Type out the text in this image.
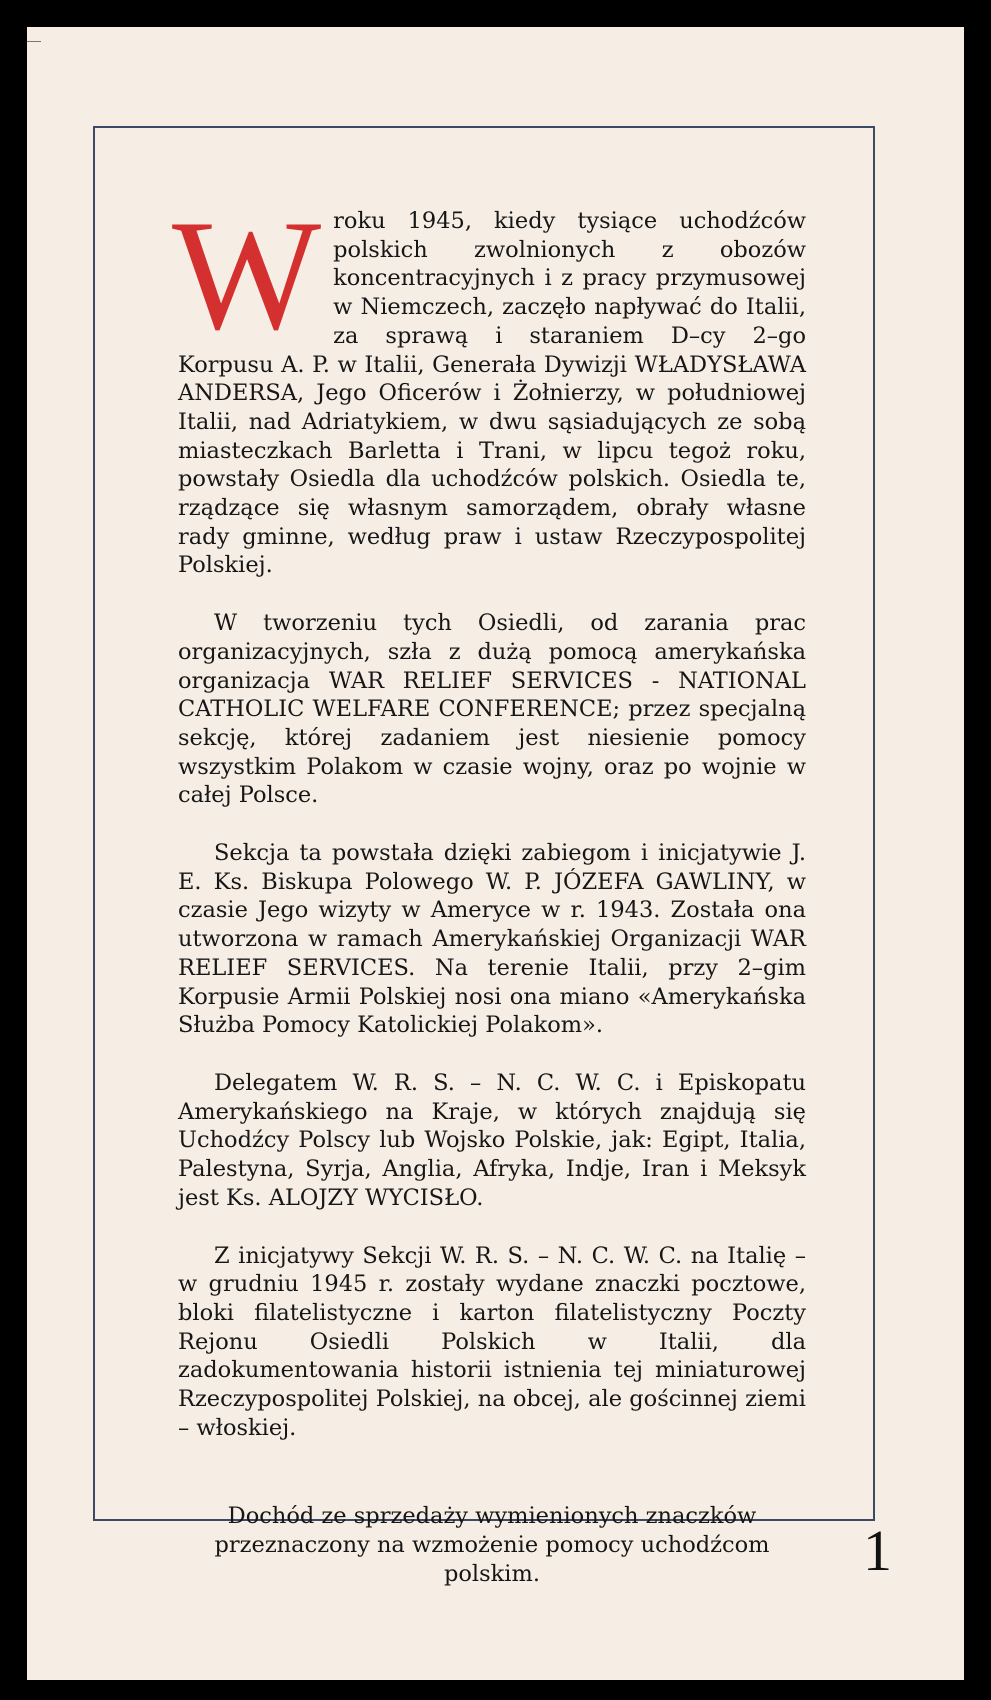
Wroku 1945, kiedy tysiące uchodźców polskich zwolnionych z obozów koncentracyjnych i z pracy przymusowej w Niemczech, zaczęło napływać do Italii, za sprawą i staraniem D–cy 2–go Korpusu A. P. w Italii, Generała Dywizji WŁADYSŁAWA ANDERSA, Jego Oficerów i Żołnierzy, w południowej Italii, nad Adriatykiem, w dwu sąsiadujących ze sobą miasteczkach Barletta i Trani, w lipcu tegoż roku, powstały Osiedla dla uchodźców polskich. Osiedla te, rządzące się własnym samorządem, obrały własne rady gminne, według praw i ustaw Rzeczypospolitej Polskiej.

W tworzeniu tych Osiedli, od zarania prac organizacyjnych, szła z dużą pomocą amerykańska organizacja WAR RELIEF SERVICES - NATIONAL CATHOLIC WELFARE CONFERENCE; przez specjalną sekcję, której zadaniem jest niesienie pomocy wszystkim Polakom w czasie wojny, oraz po wojnie w całej Polsce.

Sekcja ta powstała dzięki zabiegom i inicjatywie J. E. Ks. Biskupa Polowego W. P. JÓZEFA GAWLINY, w czasie Jego wizyty w Ameryce w r. 1943. Została ona utworzona w ramach Amerykańskiej Organizacji WAR RELIEF SERVICES. Na terenie Italii, przy 2–gim Korpusie Armii Polskiej nosi ona miano «Amerykańska Służba Pomocy Katolickiej Polakom».

Delegatem W. R. S. – N. C. W. C. i Episkopatu Amerykańskiego na Kraje, w których znajdują się Uchodźcy Polscy lub Wojsko Polskie, jak: Egipt, Italia, Palestyna, Syrja, Anglia, Afryka, Indje, Iran i Meksyk jest Ks. ALOJZY WYCISŁO.

Z inicjatywy Sekcji W. R. S. – N. C. W. C. na Italię – w grudniu 1945 r. zostały wydane znaczki pocztowe, bloki filatelistyczne i karton filatelistyczny Poczty Rejonu Osiedli Polskich w Italii, dla zadokumentowania historii istnienia tej miniaturowej Rzeczypospolitej Polskiej, na obcej, ale gościnnej ziemi – włoskiej.

Dochód ze sprzedaży wymienionych znaczków przeznaczony na wzmożenie pomocy uchodźcom polskim.	1
